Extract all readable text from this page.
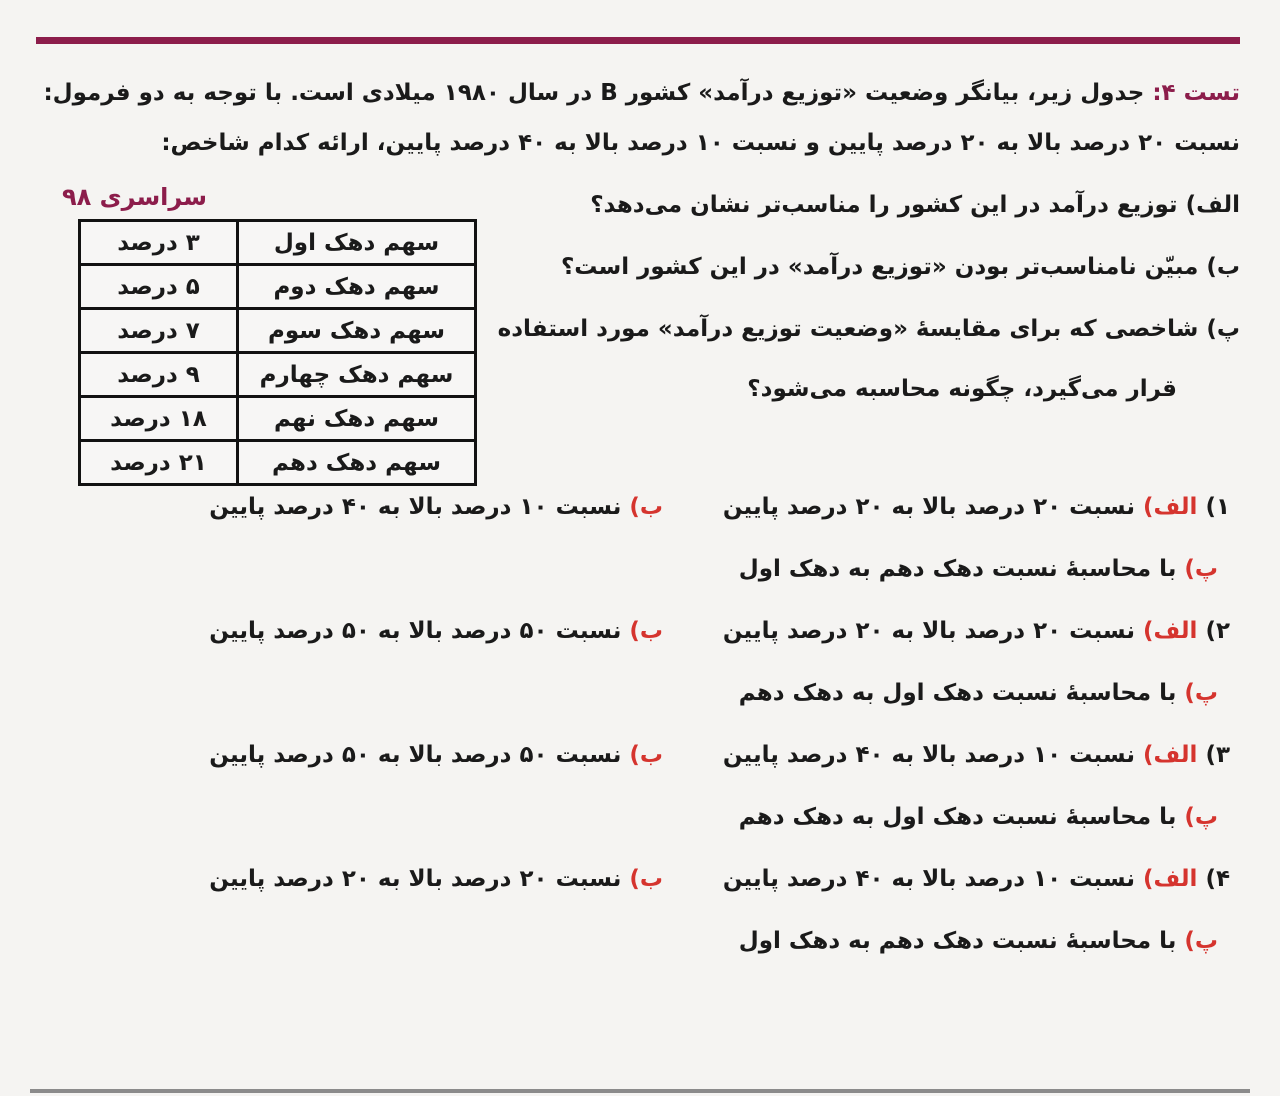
تست ۴: جدول زیر، بیانگر وضعیت «توزیع درآمد» کشور B در سال ۱۹۸۰ میلادی است. با توجه به دو فرمول:
نسبت ۲۰ درصد بالا به ۲۰ درصد پایین و نسبت ۱۰ درصد بالا به ۴۰ درصد پایین، ارائه کدام شاخص:
سراسری ۹۸
سهم دهک اول	۳ درصد
سهم دهک دوم	۵ درصد
سهم دهک سوم	۷ درصد
سهم دهک چهارم	۹ درصد
سهم دهک نهم	۱۸ درصد
سهم دهک دهم	۲۱ درصد
الف) توزیع درآمد در این کشور را مناسب‌تر نشان می‌دهد؟
ب) مبیّن نامناسب‌تر بودن «توزیع درآمد» در این کشور است؟
پ) شاخصی که برای مقایسهٔ «وضعیت توزیع درآمد» مورد استفاده
قرار می‌گیرد، چگونه محاسبه می‌شود؟
۱) الف) نسبت ۲۰ درصد بالا به ۲۰ درصد پایین
ب) نسبت ۱۰ درصد بالا به ۴۰ درصد پایین
پ) با محاسبهٔ نسبت دهک دهم به دهک اول
۲) الف) نسبت ۲۰ درصد بالا به ۲۰ درصد پایین
ب) نسبت ۵۰ درصد بالا به ۵۰ درصد پایین
پ) با محاسبهٔ نسبت دهک اول به دهک دهم
۳) الف) نسبت ۱۰ درصد بالا به ۴۰ درصد پایین
ب) نسبت ۵۰ درصد بالا به ۵۰ درصد پایین
پ) با محاسبهٔ نسبت دهک اول به دهک دهم
۴) الف) نسبت ۱۰ درصد بالا به ۴۰ درصد پایین
ب) نسبت ۲۰ درصد بالا به ۲۰ درصد پایین
پ) با محاسبهٔ نسبت دهک دهم به دهک اول
